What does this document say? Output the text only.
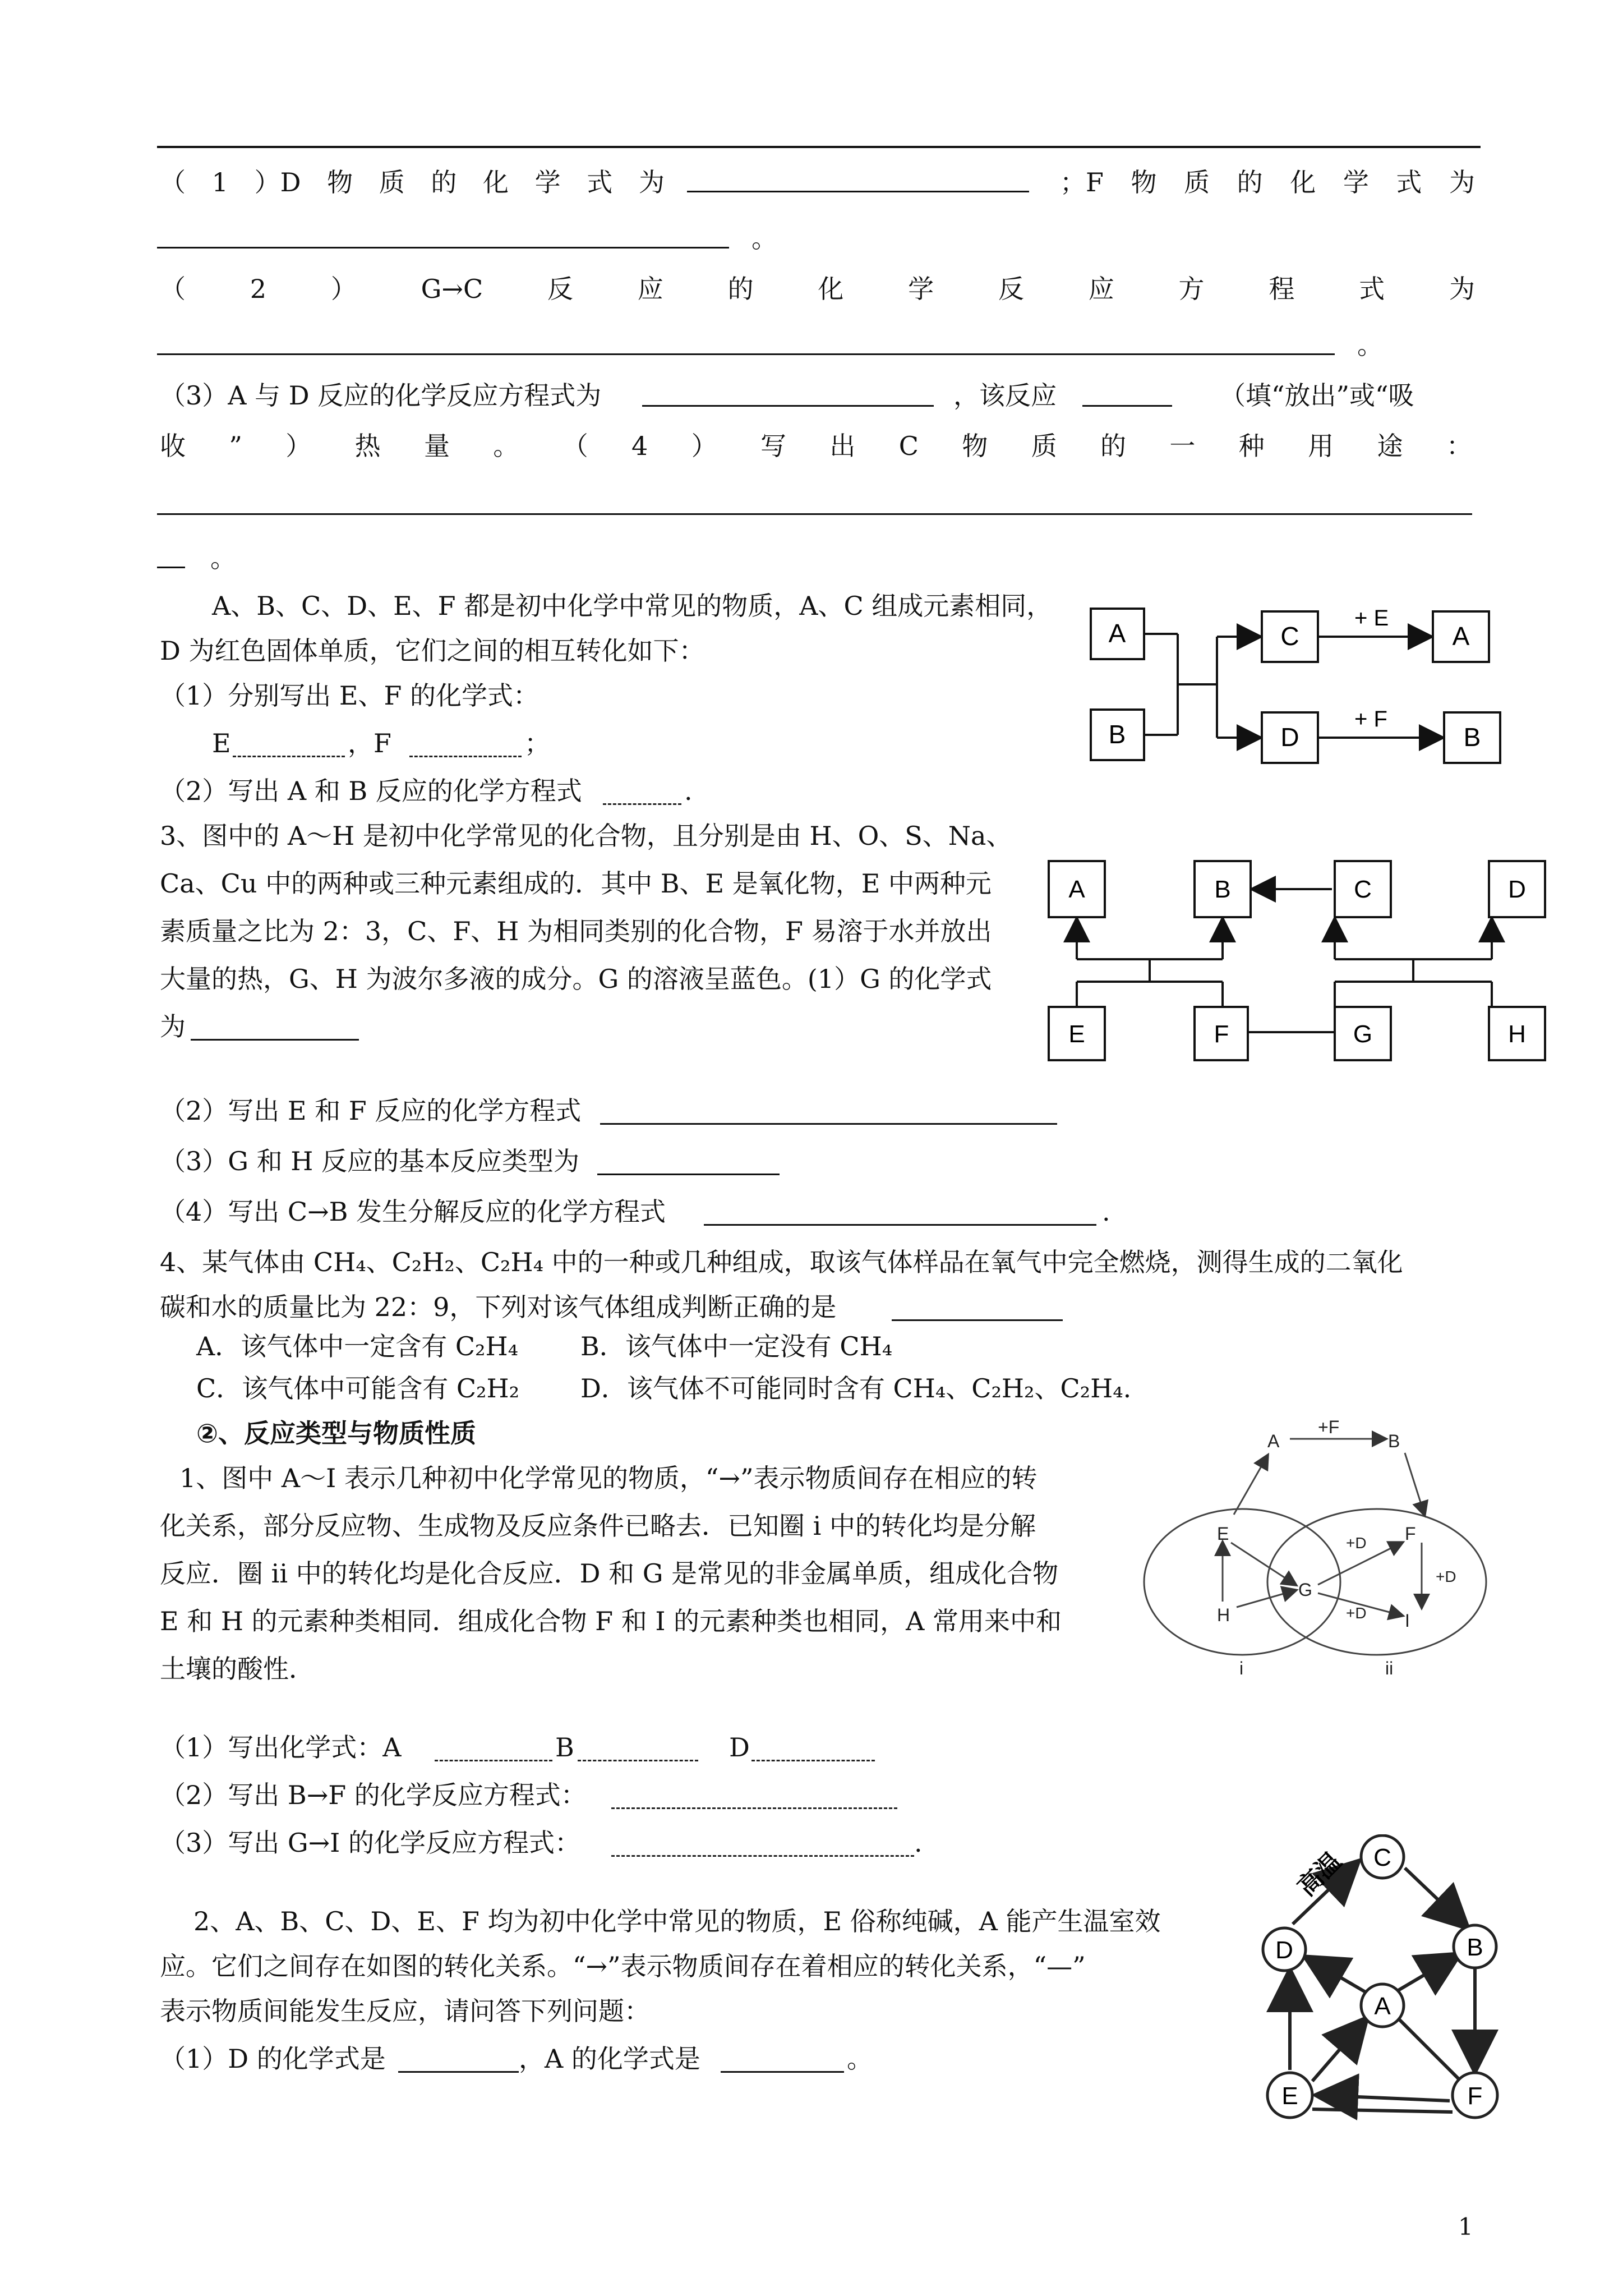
（ 1 ）D 物 质 的 化 学 式 为	；F 物 质 的 化 学 式 为
。
（ 2 ） G→C 反 应 的 化 学 反 应 方 程 式 为
。
（3）A 与 D 反应的化学反应方程式为	，该反应	（填“放出”或“吸
收 ” ） 热 量 。 （ 4 ） 写 出 C 物 质 的 一 种 用 途 ：
。
A、B、C、D、E、F 都是初中化学中常见的物质，A、C 组成元素相同，
D 为红色固体单质，它们之间的相互转化如下：
（1）分别写出 E、F 的化学式：
E	，F	；
（2）写出 A 和 B 反应的化学方程式	.
A
B
C
D
A
B
+ E
+ F
3、图中的 A～H 是初中化学常见的化合物，且分别是由 H、O、S、Na、
Ca、Cu 中的两种或三种元素组成的．其中 B、E 是氧化物，E 中两种元
素质量之比为 2：3，C、F、H 为相同类别的化合物，F 易溶于水并放出
大量的热，G、H 为波尔多液的成分。G 的溶液呈蓝色。(1）G 的化学式
为
（2）写出 E 和 F 反应的化学方程式
（3）G 和 H 反应的基本反应类型为
（4）写出 C→B 发生分解反应的化学方程式	.
A	B	C	D
E	F	G	H
4、某气体由 CH₄、C₂H₂、C₂H₄ 中的一种或几种组成，取该气体样品在氧气中完全燃烧，测得生成的二氧化
碳和水的质量比为 22：9，下列对该气体组成判断正确的是
A．该气体中一定含有 C₂H₄ B．该气体中一定没有 CH₄
C．该气体中可能含有 C₂H₂ D．该气体不可能同时含有 CH₄、C₂H₂、C₂H₄.
②、反应类型与物质性质
1、图中 A～I 表示几种初中化学常见的物质，“→”表示物质间存在相应的转
化关系，部分反应物、生成物及反应条件已略去．已知圈 i 中的转化均是分解
反应．圈 ii 中的转化均是化合反应．D 和 G 是常见的非金属单质，组成化合物
E 和 H 的元素种类相同．组成化合物 F 和 I 的元素种类也相同，A 常用来中和
土壤的酸性．
（1）写出化学式：A	B	D
（2）写出 B→F 的化学反应方程式：
（3）写出 G→I 的化学反应方程式：	.
A
+F
B
E
H
G
F
I
+D
+D
+D
i	ii
2、A、B、C、D、E、F 均为初中化学中常见的物质，E 俗称纯碱，A 能产生温室效
应。它们之间存在如图的转化关系。“→”表示物质间存在着相应的转化关系，“—”
表示物质间能发生反应，请问答下列问题：
（1）D 的化学式是	，A 的化学式是	。
C
D	B
A
E	F
高温
1
